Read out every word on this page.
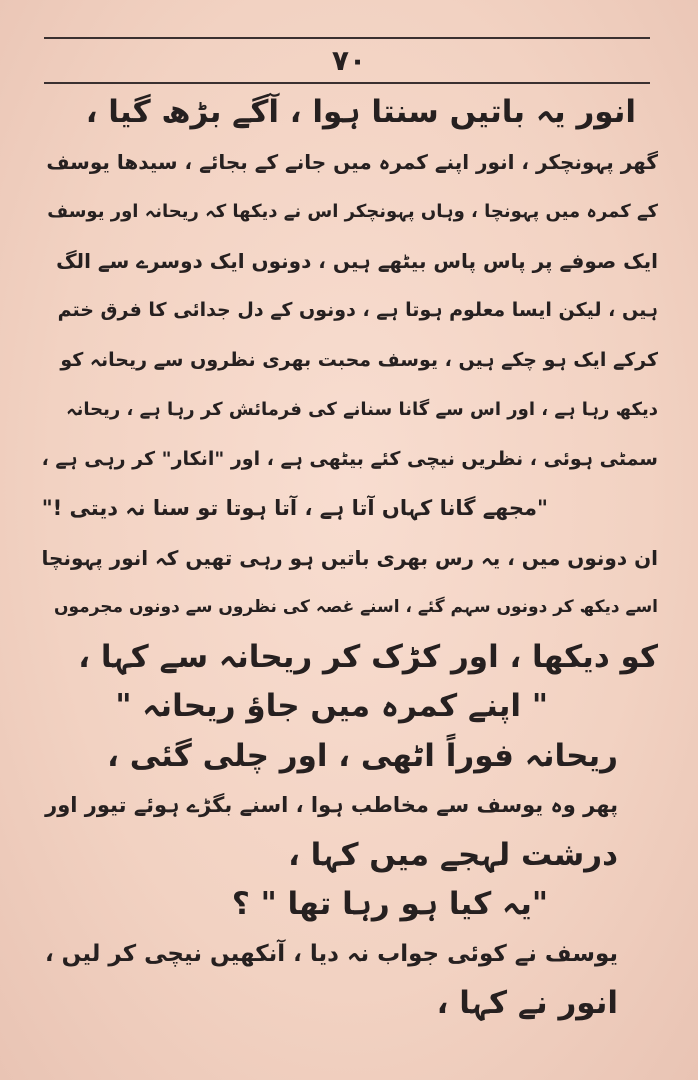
۷۰
انور یہ باتیں سنتا ہوا ، آگے بڑھ گیا ،
گھر پہونچکر ، انور اپنے کمرہ میں جانے کے بجائے ، سیدھا یوسف
کے کمرہ میں پہونچا ، وہاں پہونچکر اس نے دیکھا کہ ریحانہ اور یوسف
ایک صوفے پر پاس پاس بیٹھے ہیں ، دونوں ایک دوسرے سے الگ
ہیں ، لیکن ایسا معلوم ہوتا ہے ، دونوں کے دل جدائی کا فرق ختم
کرکے ایک ہو چکے ہیں ، یوسف محبت بھری نظروں سے ریحانہ کو
دیکھ رہا ہے ، اور اس سے گانا سنانے کی فرمائش کر رہا ہے ، ریحانہ
سمٹی ہوئی ، نظریں نیچی کئے بیٹھی ہے ، اور "انکار" کر رہی ہے ،
"مجھے گانا کہاں آتا ہے ، آتا ہوتا تو سنا نہ دیتی !"
ان دونوں میں ، یہ رس بھری باتیں ہو رہی تھیں کہ انور پہونچا
اسے دیکھ کر دونوں سہم گئے ، اسنے غصہ کی نظروں سے دونوں مجرموں
کو دیکھا ، اور کڑک کر ریحانہ سے کہا ،
" اپنے کمرہ میں جاؤ ریحانہ "
ریحانہ فوراً اٹھی ، اور چلی گئی ،
پھر وہ یوسف سے مخاطب ہوا ، اسنے بگڑے ہوئے تیور اور
درشت لہجے میں کہا ،
"یہ کیا ہو رہا تھا " ؟
یوسف نے کوئی جواب نہ دیا ، آنکھیں نیچی کر لیں ،
انور نے کہا ،
